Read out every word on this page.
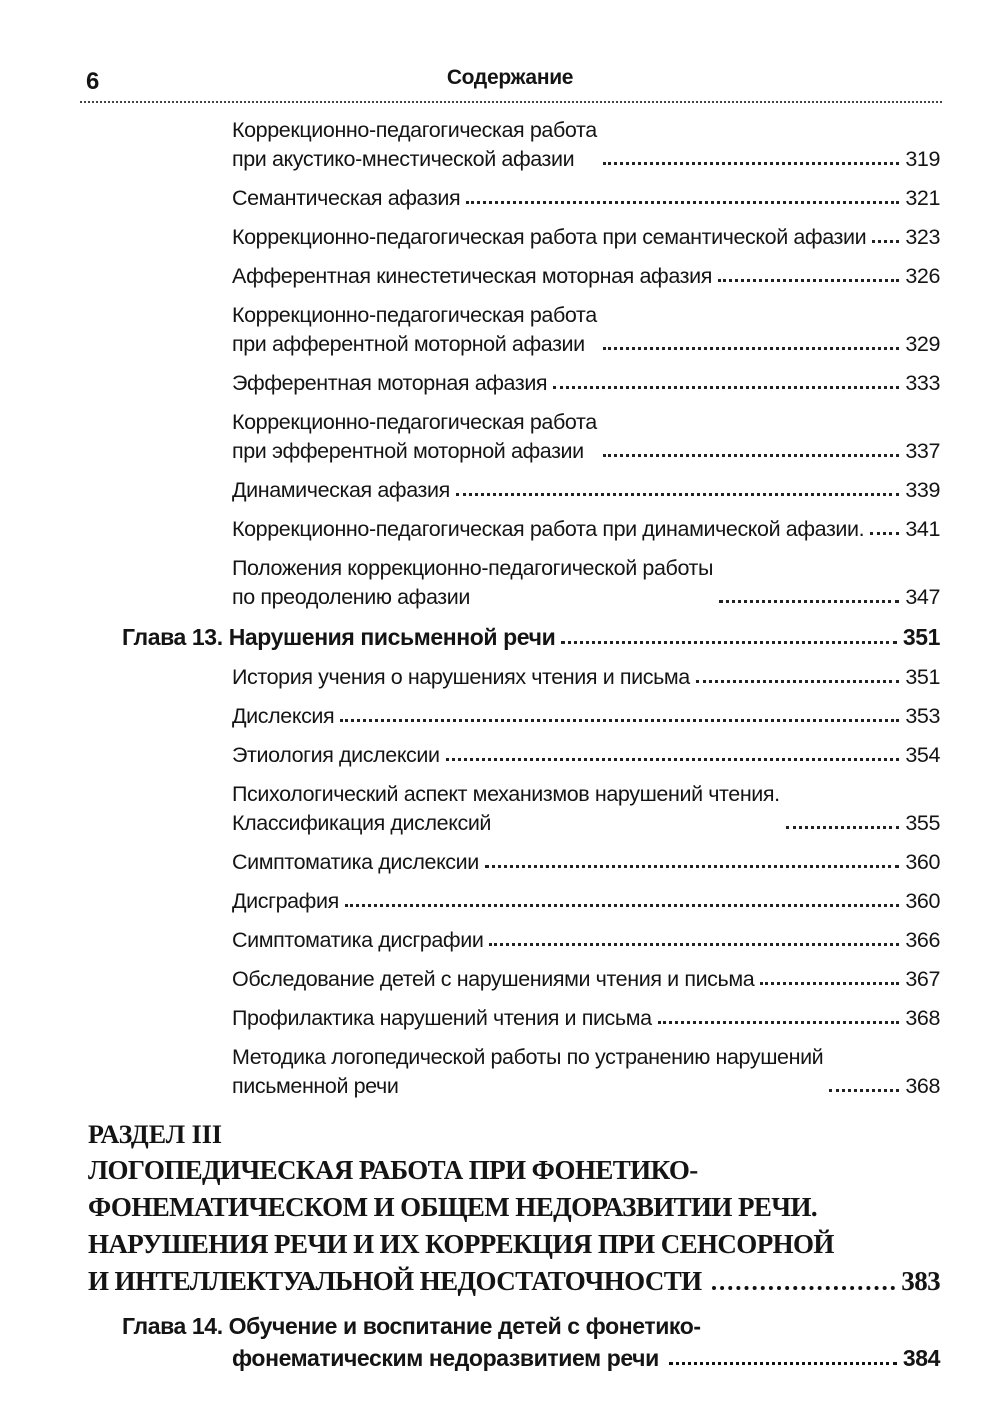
6	Содержание
Коррекционно-педагогическая работа
при акустико-мнестической афазии	319
Семантическая афазия	321
Коррекционно-педагогическая работа при семантической афазии 323
Афферентная кинестетическая моторная афазия	326
Коррекционно-педагогическая работа
при афферентной моторной афазии	329
Эфферентная моторная афазия	333
Коррекционно-педагогическая работа
при эфферентной моторной афазии	337
Динамическая афазия	339
Коррекционно-педагогическая работа при динамической афазии. 341
Положения коррекционно-педагогической работы
по преодолению афазии	347
Глава 13. Нарушения письменной речи	351
История учения о нарушениях чтения и письма	351
Дислексия	353
Этиология дислексии	354
Психологический аспект механизмов нарушений чтения.
Классификация дислексий	355
Симптоматика дислексии	360
Дисграфия	360
Симптоматика дисграфии	366
Обследование детей с нарушениями чтения и письма	367
Профилактика нарушений чтения и письма	368
Методика логопедической работы по устранению нарушений
письменной речи	368
РАЗДЕЛ III
ЛОГОПЕДИЧЕСКАЯ РАБОТА ПРИ ФОНЕТИКО-
ФОНЕМАТИЧЕСКОМ И ОБЩЕМ НЕДОРАЗВИТИИ РЕЧИ.
НАРУШЕНИЯ РЕЧИ И ИХ КОРРЕКЦИЯ ПРИ СЕНСОРНОЙ
И ИНТЕЛЛЕКТУАЛЬНОЙ НЕДОСТАТОЧНОСТИ	383
Глава 14. Обучение и воспитание детей с фонетико-
фонематическим недоразвитием речи	384
